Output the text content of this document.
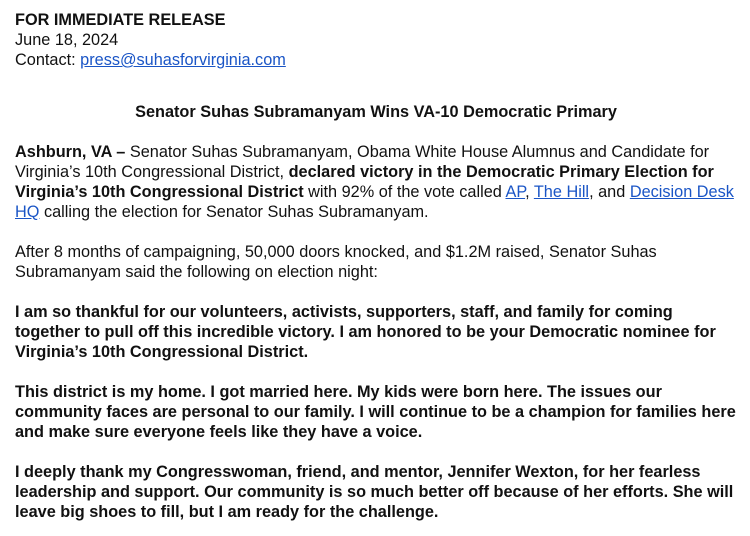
FOR IMMEDIATE RELEASE
June 18, 2024
Contact: press@suhasforvirginia.com
Senator Suhas Subramanyam Wins VA-10 Democratic Primary

Ashburn, VA – Senator Suhas Subramanyam, Obama White House Alumnus and Candidate for Virginia’s 10th Congressional District, declared victory in the Democratic Primary Election for Virginia’s 10th Congressional District with 92% of the vote called AP, The Hill, and Decision Desk HQ calling the election for Senator Suhas Subramanyam.

After 8 months of campaigning, 50,000 doors knocked, and $1.2M raised, Senator Suhas Subramanyam said the following on election night:

I am so thankful for our volunteers, activists, supporters, staff, and family for coming together to pull off this incredible victory. I am honored to be your Democratic nominee for Virginia’s 10th Congressional District.

This district is my home. I got married here. My kids were born here. The issues our community faces are personal to our family. I will continue to be a champion for families here and make sure everyone feels like they have a voice.

I deeply thank my Congresswoman, friend, and mentor, Jennifer Wexton, for her fearless leadership and support. Our community is so much better off because of her efforts. She will leave big shoes to fill, but I am ready for the challenge.
